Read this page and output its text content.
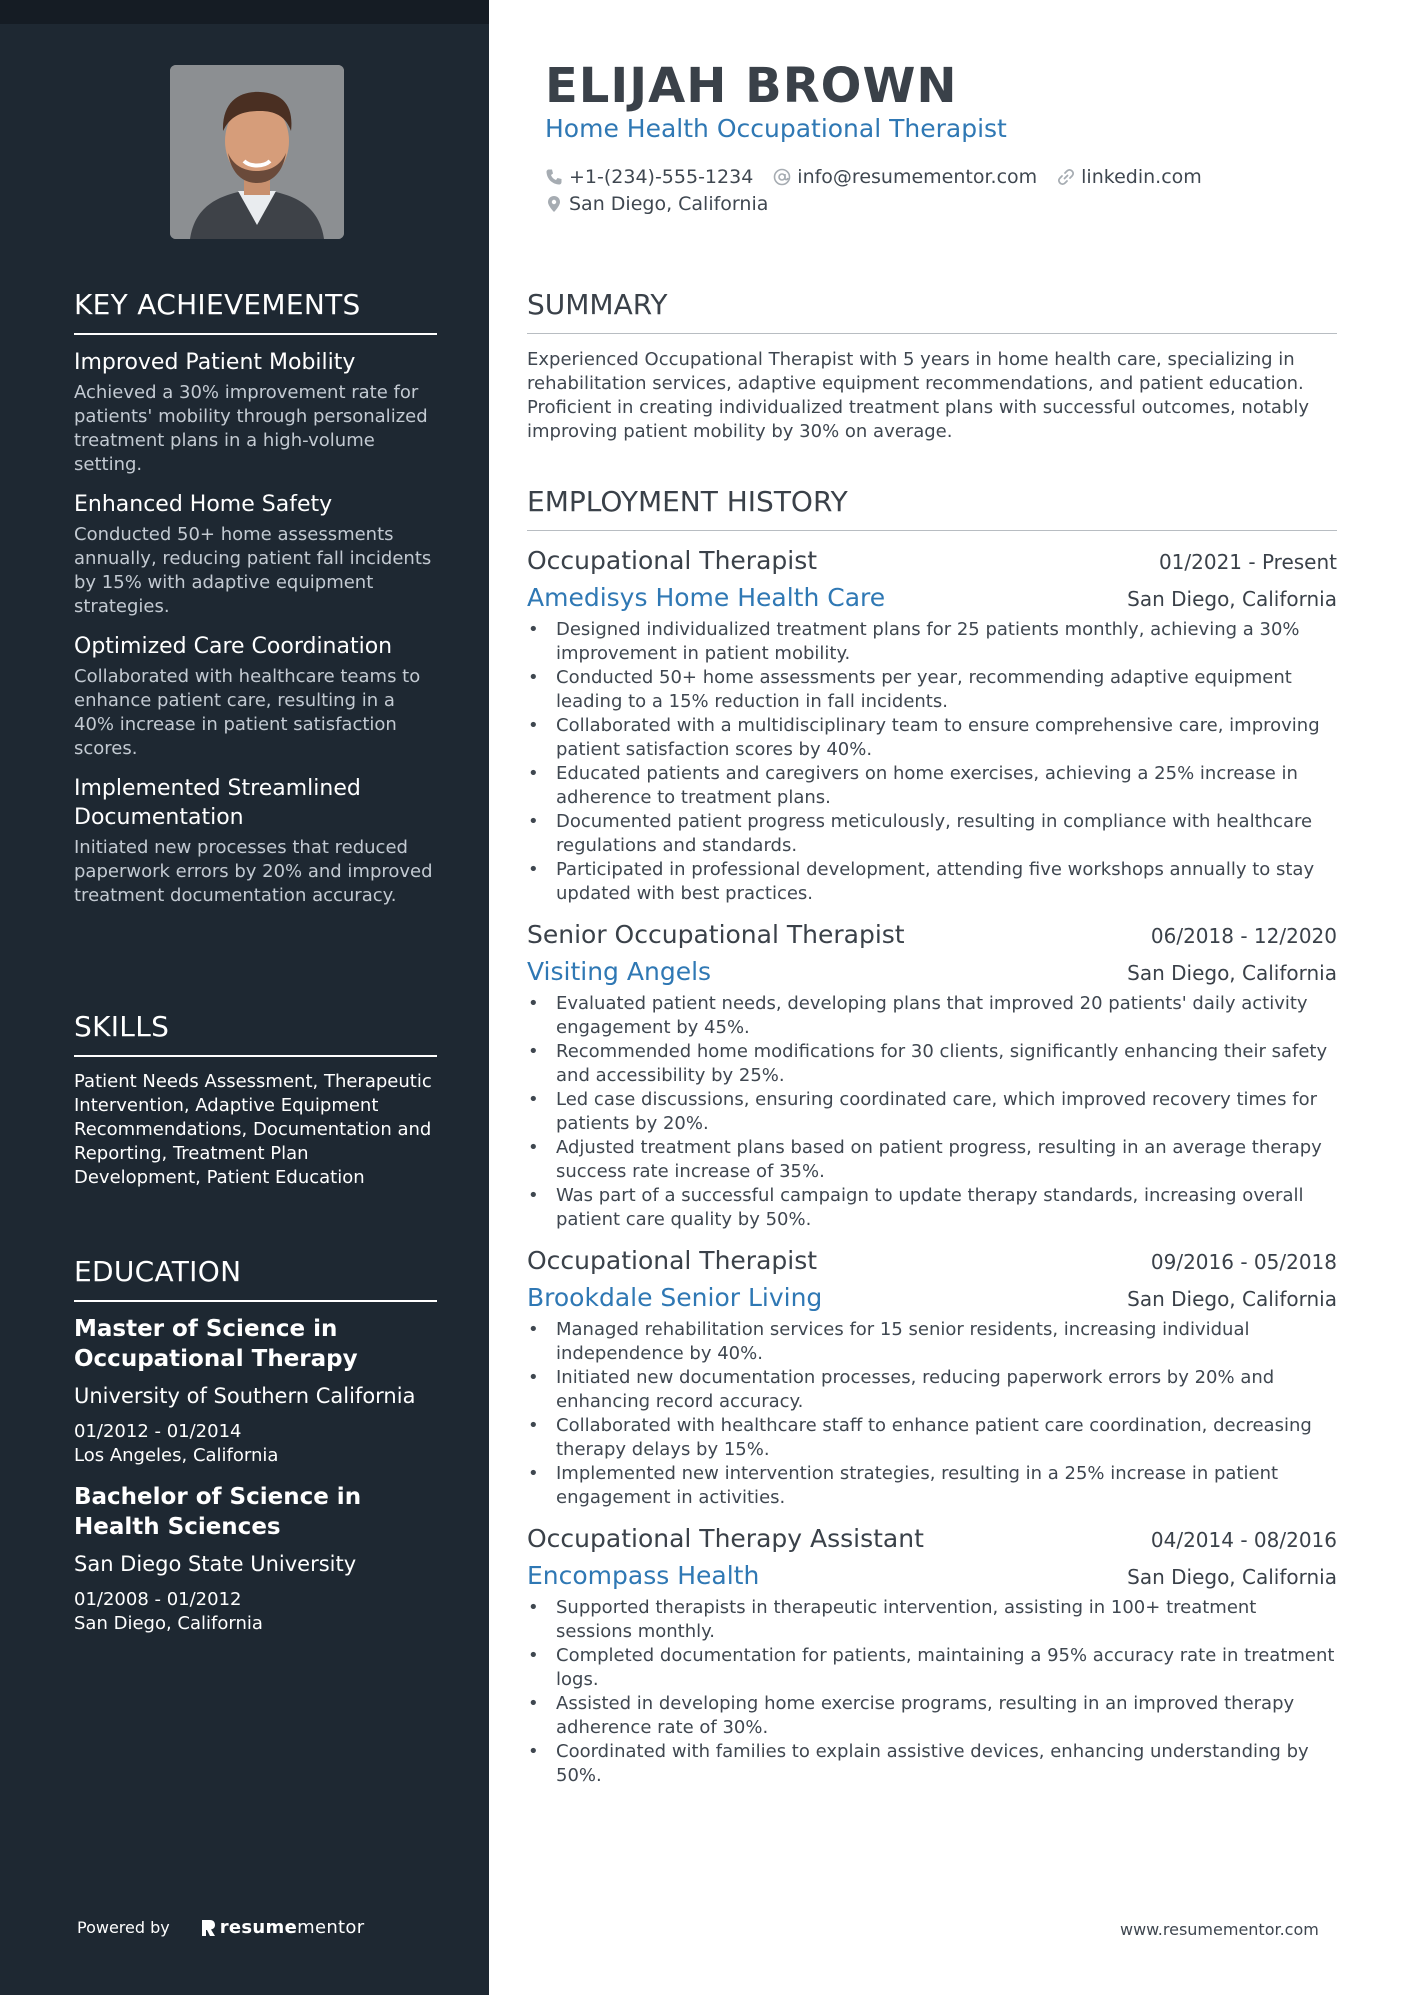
KEY ACHIEVEMENTS
Improved Patient Mobility
Achieved a 30% improvement rate for patients' mobility through personalized treatment plans in a high-volume setting.
Enhanced Home Safety
Conducted 50+ home assessments annually, reducing patient fall incidents by 15% with adaptive equipment strategies.
Optimized Care Coordination
Collaborated with healthcare teams to enhance patient care, resulting in a 40% increase in patient satisfaction scores.
Implemented Streamlined Documentation
Initiated new processes that reduced paperwork errors by 20% and improved treatment documentation accuracy.
SKILLS
Patient Needs Assessment, Therapeutic Intervention, Adaptive Equipment Recommendations, Documentation and Reporting, Treatment Plan Development, Patient Education
EDUCATION
Master of Science in Occupational Therapy
University of Southern California
01/2012 - 01/2014
Los Angeles, California
Bachelor of Science in Health Sciences
San Diego State University
01/2008 - 01/2012
San Diego, California
Powered by	resume mentor
ELIJAH BROWN
Home Health Occupational Therapist
+1-(234)-555-1234 info@resumementor.com linkedin.com
San Diego, California
SUMMARY
Experienced Occupational Therapist with 5 years in home health care, specializing in rehabilitation services, adaptive equipment recommendations, and patient education. Proficient in creating individualized treatment plans with successful outcomes, notably improving patient mobility by 30% on average.
EMPLOYMENT HISTORY
Occupational Therapist	01/2021 - Present
Amedisys Home Health Care	San Diego, California
• Designed individualized treatment plans for 25 patients monthly, achieving a 30% improvement in patient mobility.
• Conducted 50+ home assessments per year, recommending adaptive equipment leading to a 15% reduction in fall incidents.
• Collaborated with a multidisciplinary team to ensure comprehensive care, improving patient satisfaction scores by 40%.
• Educated patients and caregivers on home exercises, achieving a 25% increase in adherence to treatment plans.
• Documented patient progress meticulously, resulting in compliance with healthcare regulations and standards.
• Participated in professional development, attending five workshops annually to stay updated with best practices.
Senior Occupational Therapist	06/2018 - 12/2020
Visiting Angels	San Diego, California
• Evaluated patient needs, developing plans that improved 20 patients' daily activity engagement by 45%.
• Recommended home modifications for 30 clients, significantly enhancing their safety and accessibility by 25%.
• Led case discussions, ensuring coordinated care, which improved recovery times for patients by 20%.
• Adjusted treatment plans based on patient progress, resulting in an average therapy success rate increase of 35%.
• Was part of a successful campaign to update therapy standards, increasing overall patient care quality by 50%.
Occupational Therapist	09/2016 - 05/2018
Brookdale Senior Living	San Diego, California
• Managed rehabilitation services for 15 senior residents, increasing individual independence by 40%.
• Initiated new documentation processes, reducing paperwork errors by 20% and enhancing record accuracy.
• Collaborated with healthcare staff to enhance patient care coordination, decreasing therapy delays by 15%.
• Implemented new intervention strategies, resulting in a 25% increase in patient engagement in activities.
Occupational Therapy Assistant	04/2014 - 08/2016
Encompass Health	San Diego, California
• Supported therapists in therapeutic intervention, assisting in 100+ treatment sessions monthly.
• Completed documentation for patients, maintaining a 95% accuracy rate in treatment logs.
• Assisted in developing home exercise programs, resulting in an improved therapy adherence rate of 30%.
• Coordinated with families to explain assistive devices, enhancing understanding by 50%.
www.resumementor.com
